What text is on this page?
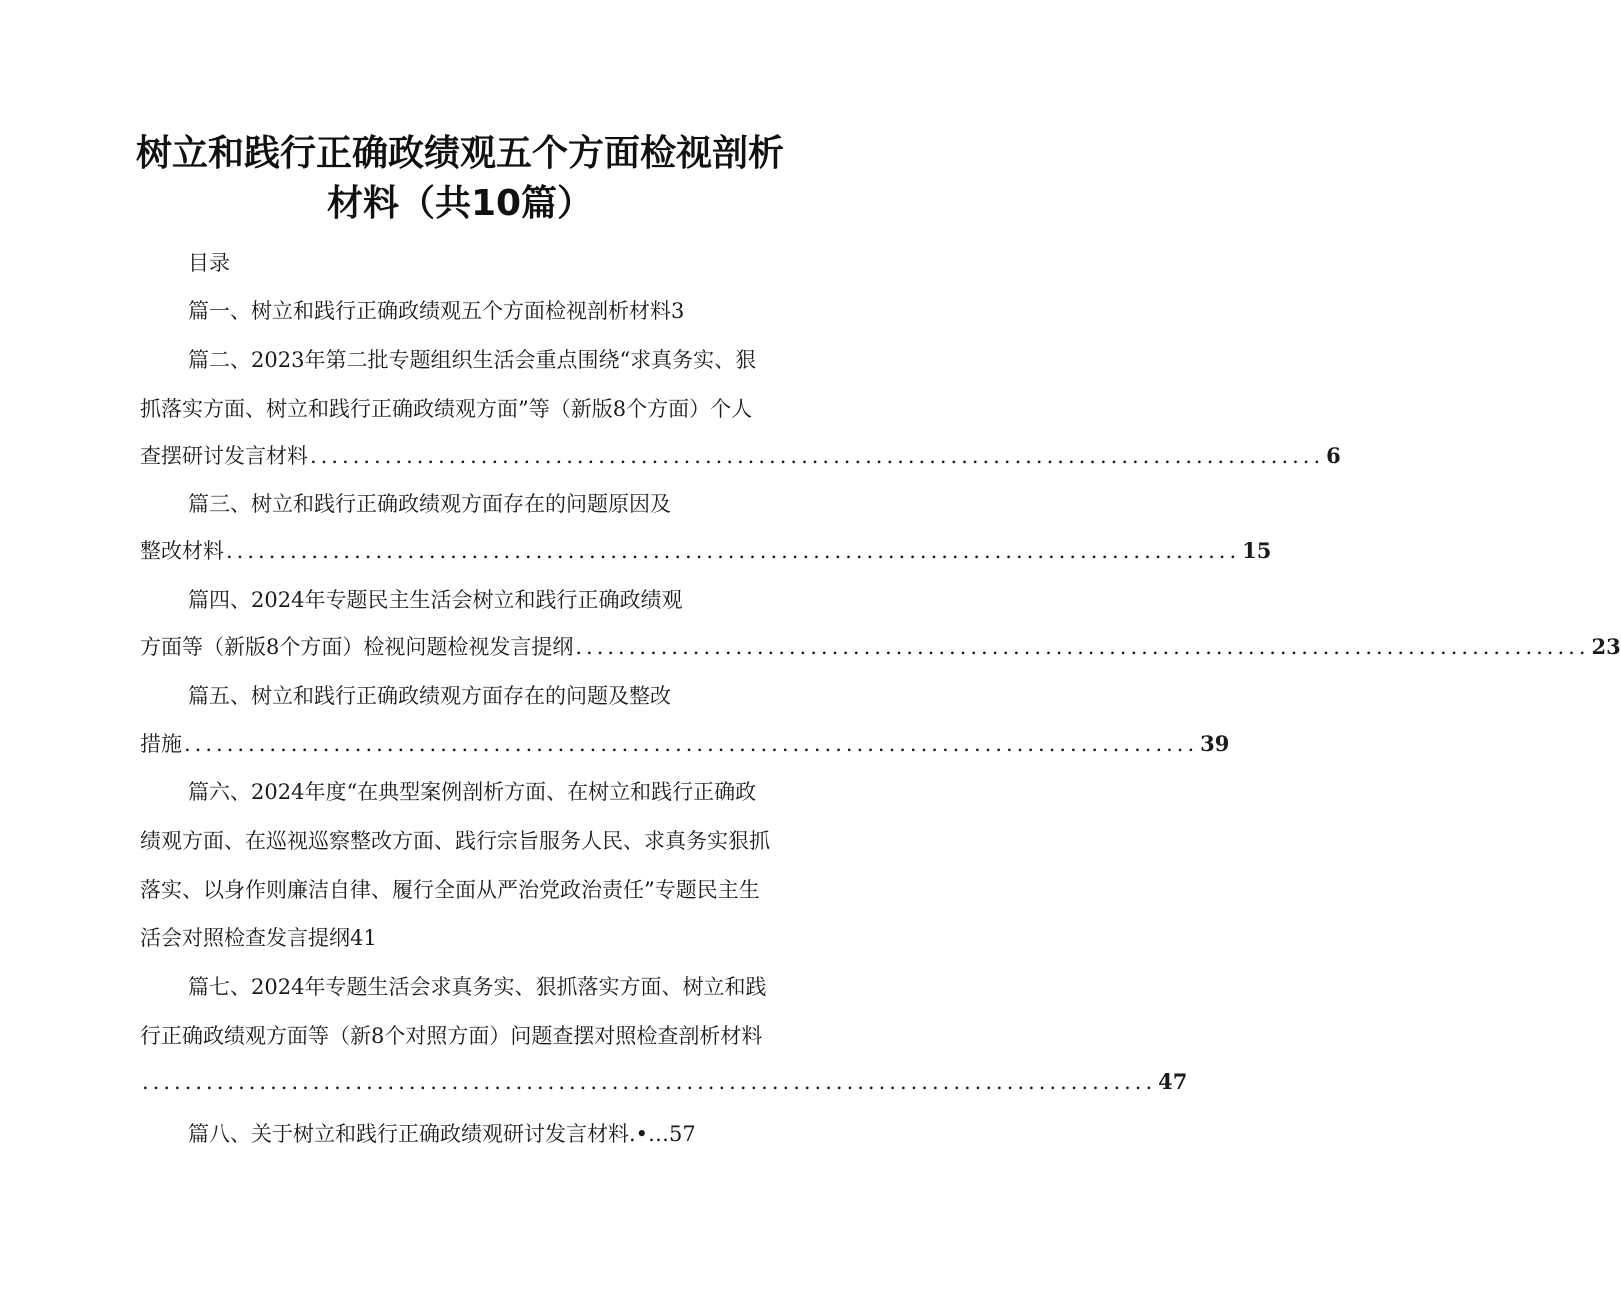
树立和践行正确政绩观五个方面检视剖析
材料（共10篇）
目录
篇一、树立和践行正确政绩观五个方面检视剖析材料3
篇二、2023年第二批专题组织生活会重点围绕“求真务实、狠
抓落实方面、树立和践行正确政绩观方面”等（新版8个方面）个人
查摆研讨发言材料 ............................................................................................... 6
篇三、树立和践行正确政绩观方面存在的问题原因及
整改材料 ............................................................................................... 15
篇四、2024年专题民主生活会树立和践行正确政绩观
方面等（新版8个方面）检视问题检视发言提纲 ............................................................................................... 23
篇五、树立和践行正确政绩观方面存在的问题及整改
措施 ............................................................................................... 39
篇六、2024年度“在典型案例剖析方面、在树立和践行正确政
绩观方面、在巡视巡察整改方面、践行宗旨服务人民、求真务实狠抓
落实、以身作则廉洁自律、履行全面从严治党政治责任”专题民主生
活会对照检查发言提纲41
篇七、2024年专题生活会求真务实、狠抓落实方面、树立和践
行正确政绩观方面等（新8个对照方面）问题查摆对照检查剖析材料
............................................................................................... 47
篇八、关于树立和践行正确政绩观研讨发言材料.•…57
